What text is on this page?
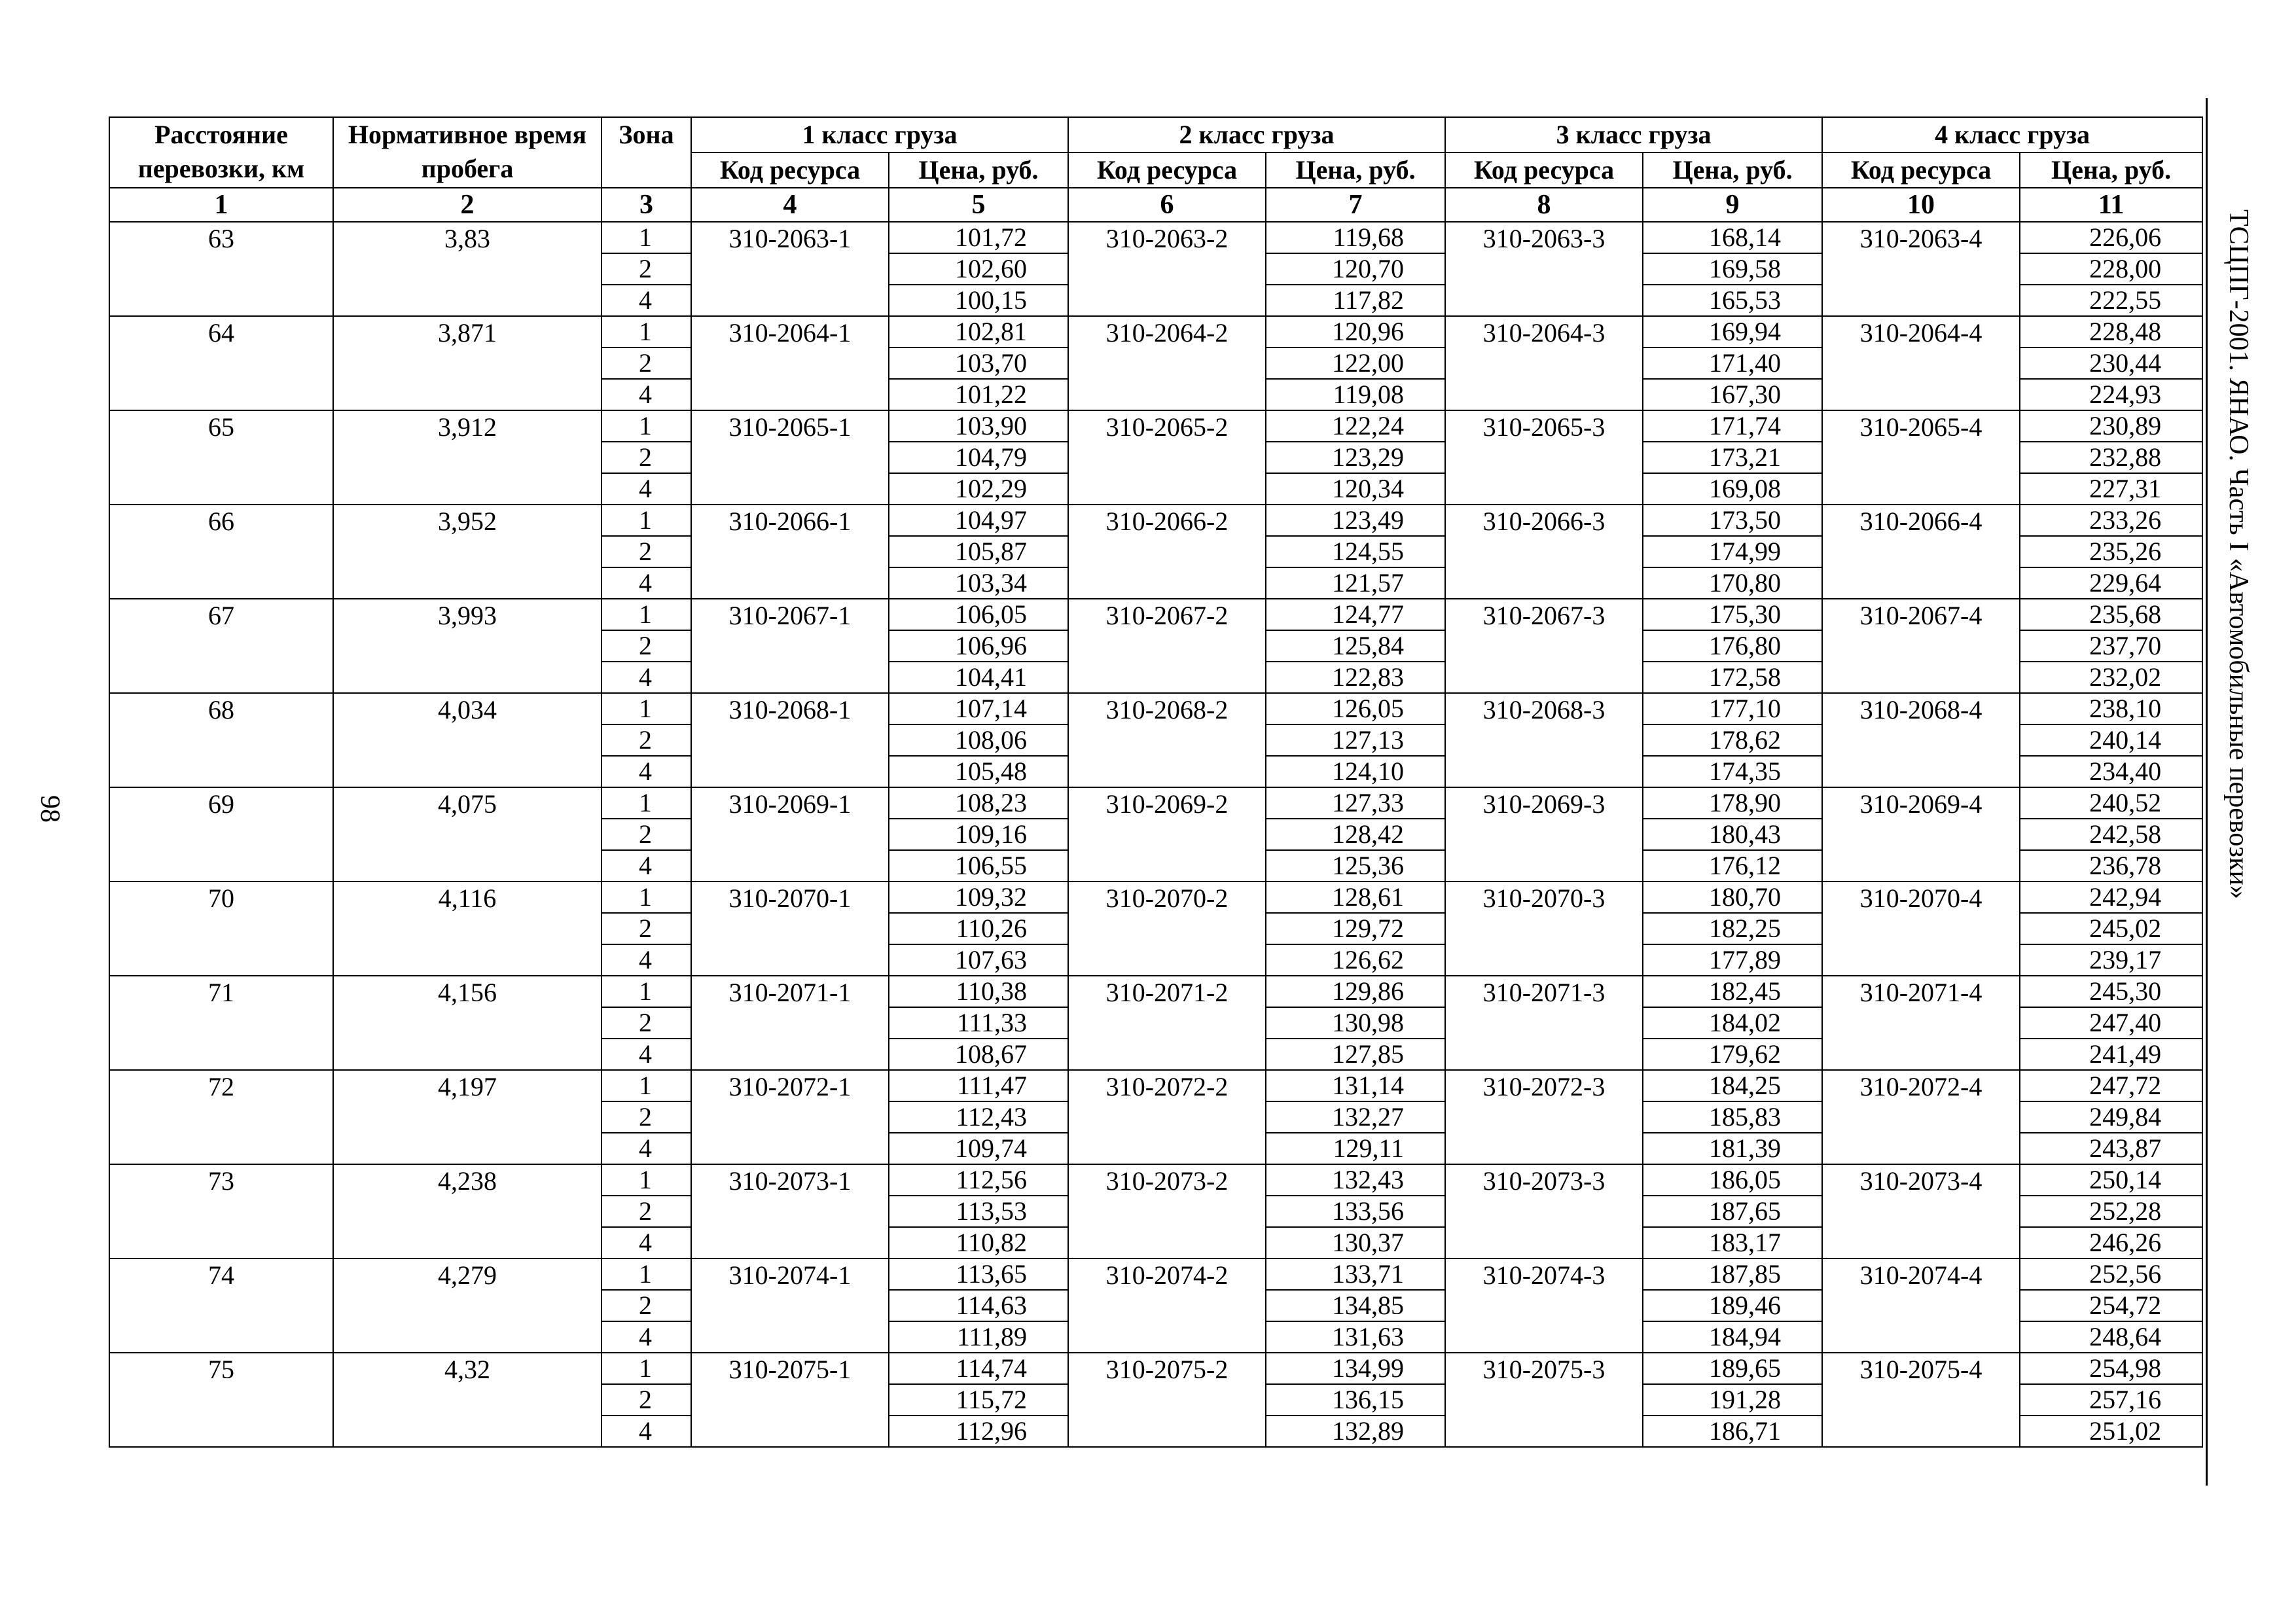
Расстояние перевозки, км	Нормативное время пробега	Зона	1 класс груза		2 класс груза		3 класс груза		4 класс груза	
			Код ресурса	Цена, руб.	Код ресурса	Цена, руб.	Код ресурса	Цена, руб.	Код ресурса	Цена, руб.
1	2	3	4	5	6	7	8	9	10	11
63	3,83	1	310-2063-1	101,72	310-2063-2	119,68	310-2063-3	168,14	310-2063-4	226,06
		2		102,60		120,70		169,58		228,00
		4		100,15		117,82		165,53		222,55
64	3,871	1	310-2064-1	102,81	310-2064-2	120,96	310-2064-3	169,94	310-2064-4	228,48
		2		103,70		122,00		171,40		230,44
		4		101,22		119,08		167,30		224,93
65	3,912	1	310-2065-1	103,90	310-2065-2	122,24	310-2065-3	171,74	310-2065-4	230,89
		2		104,79		123,29		173,21		232,88
		4		102,29		120,34		169,08		227,31
66	3,952	1	310-2066-1	104,97	310-2066-2	123,49	310-2066-3	173,50	310-2066-4	233,26
		2		105,87		124,55		174,99		235,26
		4		103,34		121,57		170,80		229,64
67	3,993	1	310-2067-1	106,05	310-2067-2	124,77	310-2067-3	175,30	310-2067-4	235,68
		2		106,96		125,84		176,80		237,70
		4		104,41		122,83		172,58		232,02
68	4,034	1	310-2068-1	107,14	310-2068-2	126,05	310-2068-3	177,10	310-2068-4	238,10
		2		108,06		127,13		178,62		240,14
		4		105,48		124,10		174,35		234,40
69	4,075	1	310-2069-1	108,23	310-2069-2	127,33	310-2069-3	178,90	310-2069-4	240,52
		2		109,16		128,42		180,43		242,58
		4		106,55		125,36		176,12		236,78
70	4,116	1	310-2070-1	109,32	310-2070-2	128,61	310-2070-3	180,70	310-2070-4	242,94
		2		110,26		129,72		182,25		245,02
		4		107,63		126,62		177,89		239,17
71	4,156	1	310-2071-1	110,38	310-2071-2	129,86	310-2071-3	182,45	310-2071-4	245,30
		2		111,33		130,98		184,02		247,40
		4		108,67		127,85		179,62		241,49
72	4,197	1	310-2072-1	111,47	310-2072-2	131,14	310-2072-3	184,25	310-2072-4	247,72
		2		112,43		132,27		185,83		249,84
		4		109,74		129,11		181,39		243,87
73	4,238	1	310-2073-1	112,56	310-2073-2	132,43	310-2073-3	186,05	310-2073-4	250,14
		2		113,53		133,56		187,65		252,28
		4		110,82		130,37		183,17		246,26
74	4,279	1	310-2074-1	113,65	310-2074-2	133,71	310-2074-3	187,85	310-2074-4	252,56
		2		114,63		134,85		189,46		254,72
		4		111,89		131,63		184,94		248,64
75	4,32	1	310-2075-1	114,74	310-2075-2	134,99	310-2075-3	189,65	310-2075-4	254,98
		2		115,72		136,15		191,28		257,16
		4		112,96		132,89		186,71		251,02
ТСЦПГ-2001. ЯНАО. Часть I «Автомобильные перевозки»
98
